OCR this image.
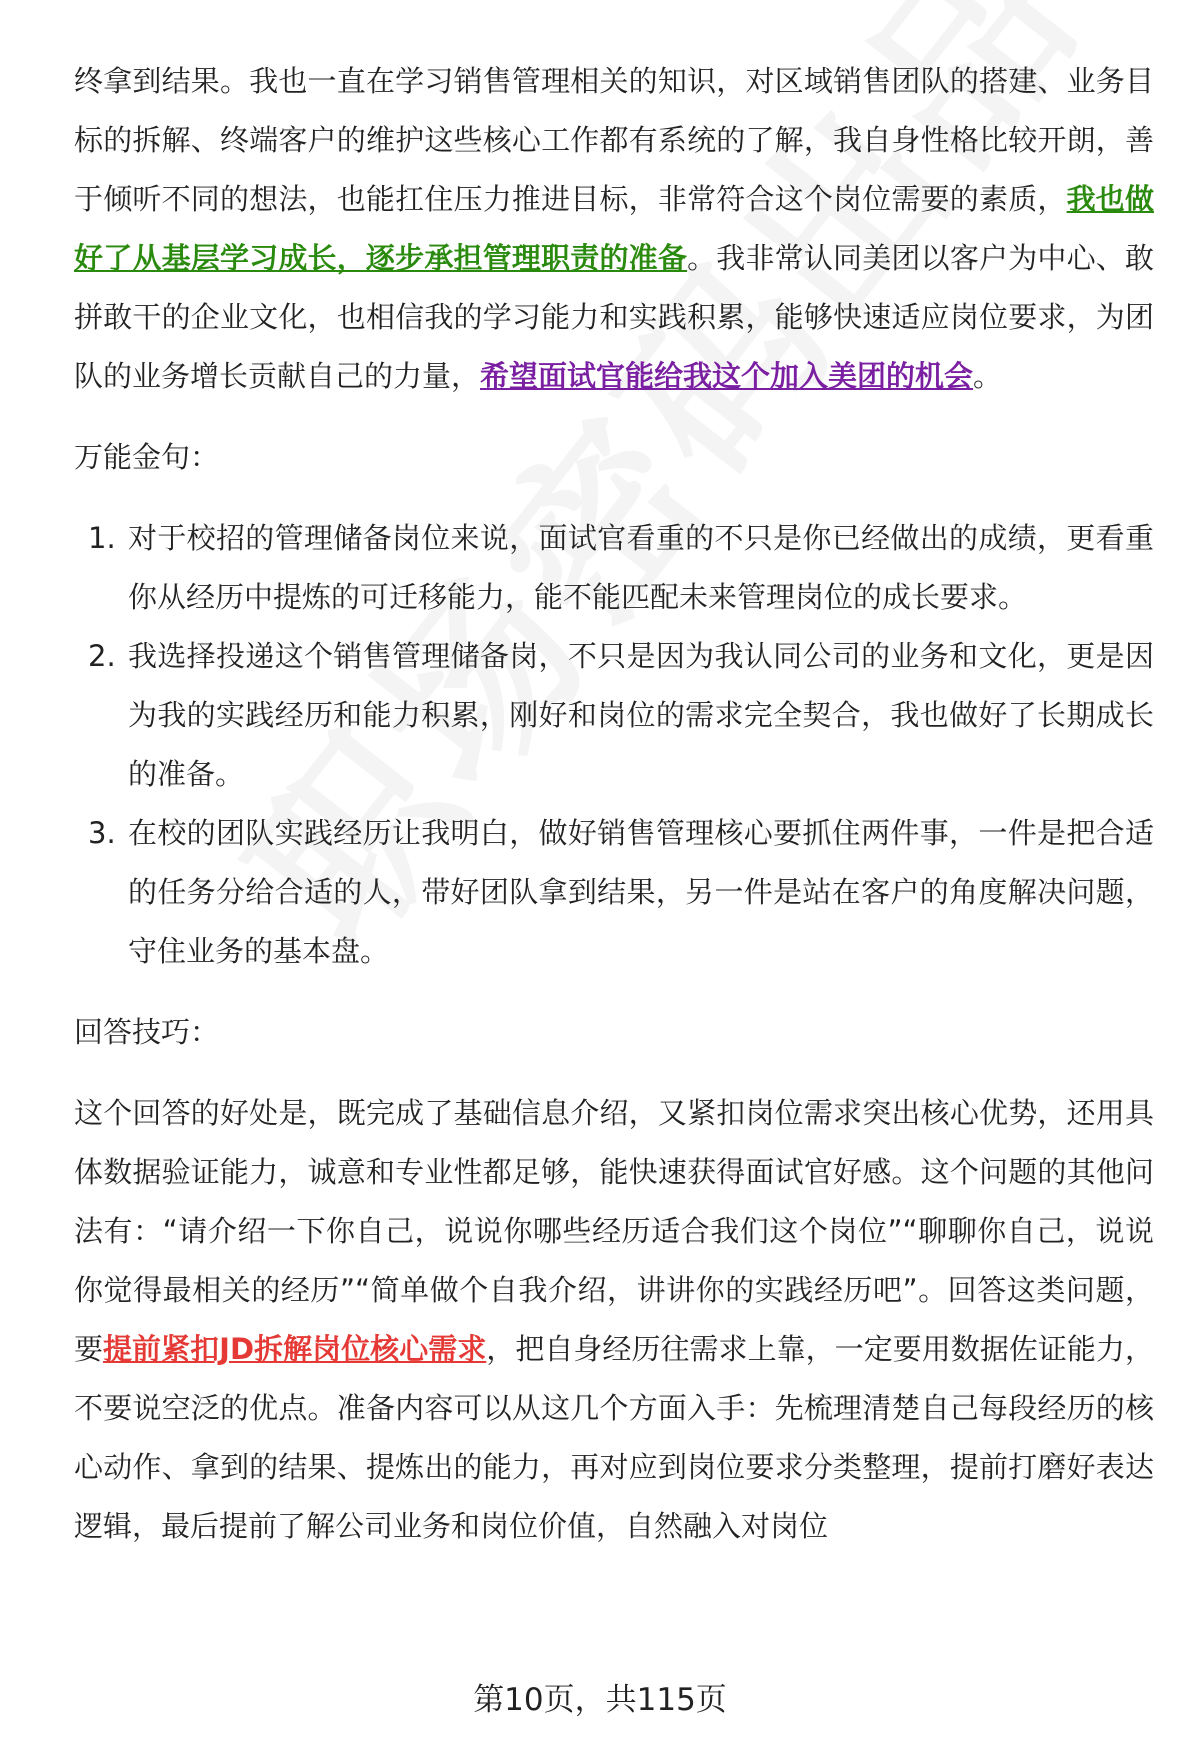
终拿到结果。我也一直在学习销售管理相关的知识，对区域销售团队的搭建、业务目标的拆解、终端客户的维护这些核心工作都有系统的了解，我自身性格比较开朗，善于倾听不同的想法，也能扛住压力推进目标，非常符合这个岗位需要的素质，我也做好了从基层学习成长，逐步承担管理职责的准备。我非常认同美团以客户为中心、敢拼敢干的企业文化，也相信我的学习能力和实践积累，能够快速适应岗位要求，为团队的业务增长贡献自己的力量，希望面试官能给我这个加入美团的机会。

万能金句：

1. 对于校招的管理储备岗位来说，面试官看重的不只是你已经做出的成绩，更看重你从经历中提炼的可迁移能力，能不能匹配未来管理岗位的成长要求。
2. 我选择投递这个销售管理储备岗，不只是因为我认同公司的业务和文化，更是因为我的实践经历和能力积累，刚好和岗位的需求完全契合，我也做好了长期成长的准备。
3. 在校的团队实践经历让我明白，做好销售管理核心要抓住两件事，一件是把合适的任务分给合适的人，带好团队拿到结果，另一件是站在客户的角度解决问题，守住业务的基本盘。

回答技巧：

这个回答的好处是，既完成了基础信息介绍，又紧扣岗位需求突出核心优势，还用具体数据验证能力，诚意和专业性都足够，能快速获得面试官好感。这个问题的其他问法有：“请介绍一下你自己，说说你哪些经历适合我们这个岗位”“聊聊你自己，说说你觉得最相关的经历”“简单做个自我介绍，讲讲你的实践经历吧”。回答这类问题，要提前紧扣JD拆解岗位核心需求，把自身经历往需求上靠，一定要用数据佐证能力，不要说空泛的优点。准备内容可以从这几个方面入手：先梳理清楚自己每段经历的核心动作、拿到的结果、提炼出的能力，再对应到岗位要求分类整理，提前打磨好表达逻辑，最后提前了解公司业务和岗位价值，自然融入对岗位

第10页，共115页
